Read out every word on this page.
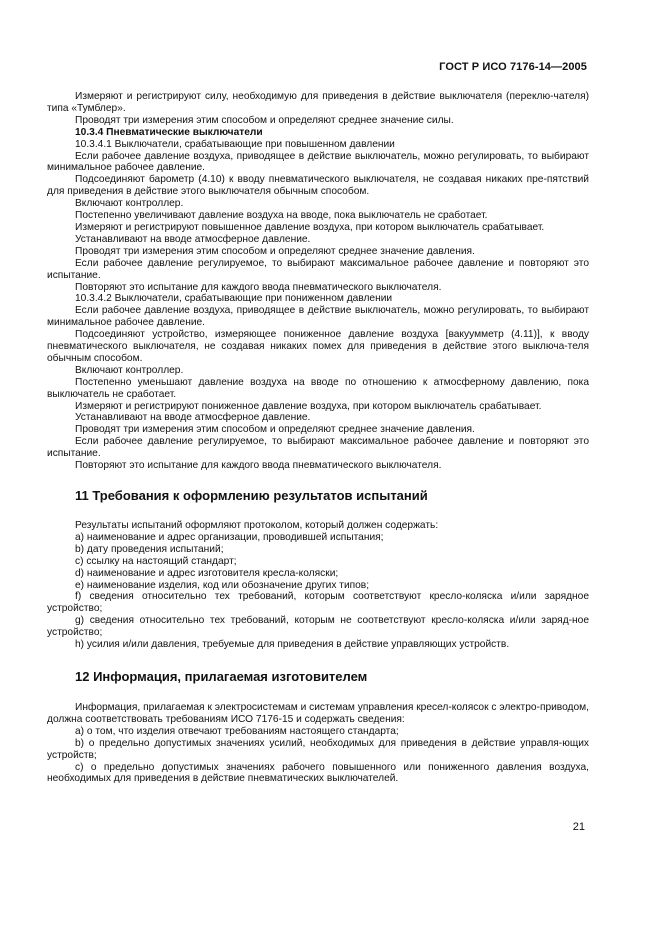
ГОСТ Р ИСО 7176-14—2005

Измеряют и регистрируют силу, необходимую для приведения в действие выключателя (переклю-чателя) типа «Тумблер».

Проводят три измерения этим способом и определяют среднее значение силы.

10.3.4 Пневматические выключатели

10.3.4.1 Выключатели, срабатывающие при повышенном давлении

Если рабочее давление воздуха, приводящее в действие выключатель, можно регулировать, то выбирают минимальное рабочее давление.

Подсоединяют барометр (4.10) к вводу пневматического выключателя, не создавая никаких пре-пятствий для приведения в действие этого выключателя обычным способом.

Включают контроллер.

Постепенно увеличивают давление воздуха на вводе, пока выключатель не сработает.

Измеряют и регистрируют повышенное давление воздуха, при котором выключатель срабатывает.

Устанавливают на вводе атмосферное давление.

Проводят три измерения этим способом и определяют среднее значение давления.

Если рабочее давление регулируемое, то выбирают максимальное рабочее давление и повторяют это испытание.

Повторяют это испытание для каждого ввода пневматического выключателя.

10.3.4.2 Выключатели, срабатывающие при пониженном давлении

Если рабочее давление воздуха, приводящее в действие выключатель, можно регулировать, то выбирают минимальное рабочее давление.

Подсоединяют устройство, измеряющее пониженное давление воздуха [вакуумметр (4.11)], к вводу пневматического выключателя, не создавая никаких помех для приведения в действие этого выключа-теля обычным способом.

Включают контроллер.

Постепенно уменьшают давление воздуха на вводе по отношению к атмосферному давлению, пока выключатель не сработает.

Измеряют и регистрируют пониженное давление воздуха, при котором выключатель срабатывает.

Устанавливают на вводе атмосферное давление.

Проводят три измерения этим способом и определяют среднее значение давления.

Если рабочее давление регулируемое, то выбирают максимальное рабочее давление и повторяют это испытание.

Повторяют это испытание для каждого ввода пневматического выключателя.

11 Требования к оформлению результатов испытаний

Результаты испытаний оформляют протоколом, который должен содержать:

a) наименование и адрес организации, проводившей испытания;

b) дату проведения испытаний;

c) ссылку на настоящий стандарт;

d) наименование и адрес изготовителя кресла-коляски;

e) наименование изделия, код или обозначение других типов;

f) сведения относительно тех требований, которым соответствуют кресло-коляска и/или зарядное устройство;

g) сведения относительно тех требований, которым не соответствуют кресло-коляска и/или заряд-ное устройство;

h) усилия и/или давления, требуемые для приведения в действие управляющих устройств.

12 Информация, прилагаемая изготовителем

Информация, прилагаемая к электросистемам и системам управления кресел-колясок с электро-приводом, должна соответствовать требованиям ИСО 7176-15 и содержать сведения:

a) о том, что изделия отвечают требованиям настоящего стандарта;

b) о предельно допустимых значениях усилий, необходимых для приведения в действие управля-ющих устройств;

c) о предельно допустимых значениях рабочего повышенного или пониженного давления воздуха, необходимых для приведения в действие пневматических выключателей.

21
